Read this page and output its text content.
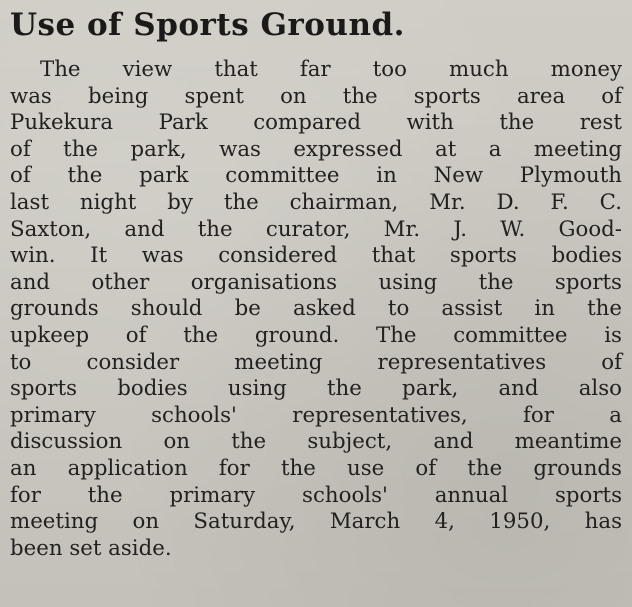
Use of Sports Ground.
The view that far too much money
was being spent on the sports area of
Pukekura Park compared with the rest
of the park, was expressed at a meeting
of the park committee in New Plymouth
last night by the chairman, Mr. D. F. C.
Saxton, and the curator, Mr. J. W. Good-
win. It was considered that sports bodies
and other organisations using the sports
grounds should be asked to assist in the
upkeep of the ground. The committee is
to consider meeting representatives of
sports bodies using the park, and also
primary schools' representatives, for a
discussion on the subject, and meantime
an application for the use of the grounds
for the primary schools' annual sports
meeting on Saturday, March 4, 1950, has
been set aside.
